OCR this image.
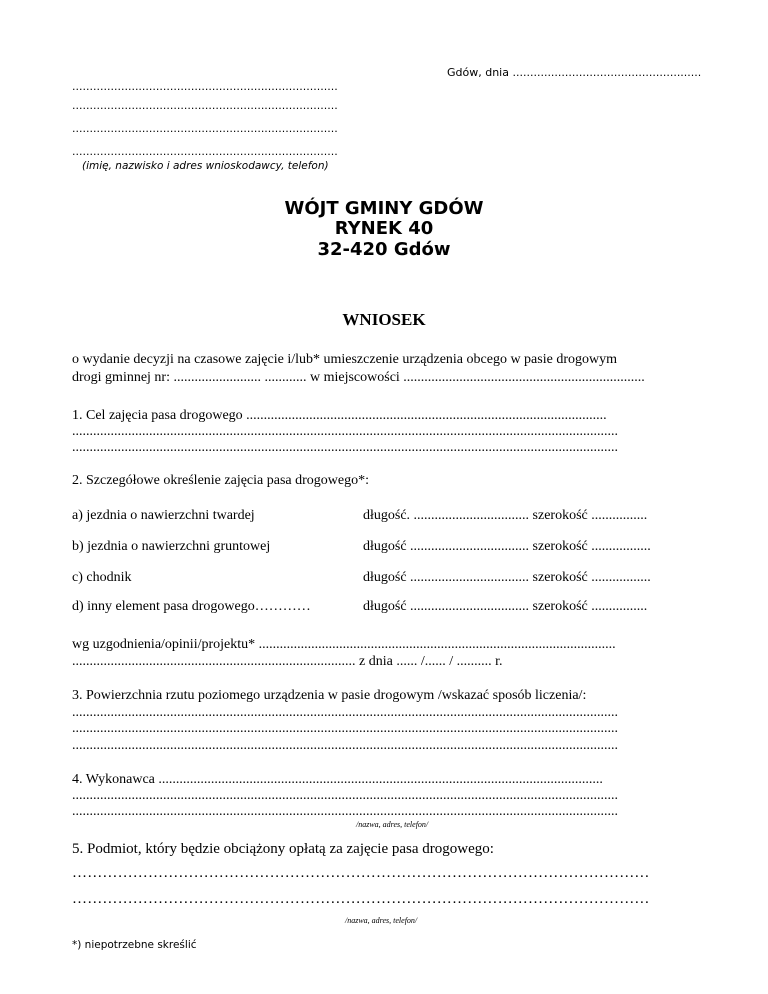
Gdów, dnia ......................................................
............................................................................
............................................................................
............................................................................
............................................................................
(imię, nazwisko i adres wnioskodawcy, telefon)
WÓJT GMINY GDÓW
RYNEK 40
32-420 Gdów
WNIOSEK
o wydanie decyzji na czasowe zajęcie i/lub* umieszczenie urządzenia obcego w pasie drogowym
drogi gminnej nr: ......................... ............ w miejscowości .....................................................................
1. Cel zajęcia pasa drogowego .......................................................................................................
............................................................................................................................................................
............................................................................................................................................................
2. Szczegółowe określenie zajęcia pasa drogowego*:
a) jezdnia o nawierzchni twardej	długość. ................................. szerokość ................
b) jezdnia o nawierzchni gruntowej	długość .................................. szerokość .................
c) chodnik	długość .................................. szerokość .................
d) inny element pasa drogowego…………	długość .................................. szerokość ................
wg uzgodnienia/opinii/projektu* ......................................................................................................
................................................................................. z dnia ...... /...... / .......... r.
3. Powierzchnia rzutu poziomego urządzenia w pasie drogowym /wskazać sposób liczenia/:
............................................................................................................................................................
............................................................................................................................................................
............................................................................................................................................................
4. Wykonawca ...............................................................................................................................
............................................................................................................................................................
............................................................................................................................................................
/nazwa, adres, telefon/
5. Podmiot, który będzie obciążony opłatą za zajęcie pasa drogowego:
……………………………………………………………………………………………………
……………………………………………………………………………………………………
/nazwa, adres, telefon/
*) niepotrzebne skreślić
